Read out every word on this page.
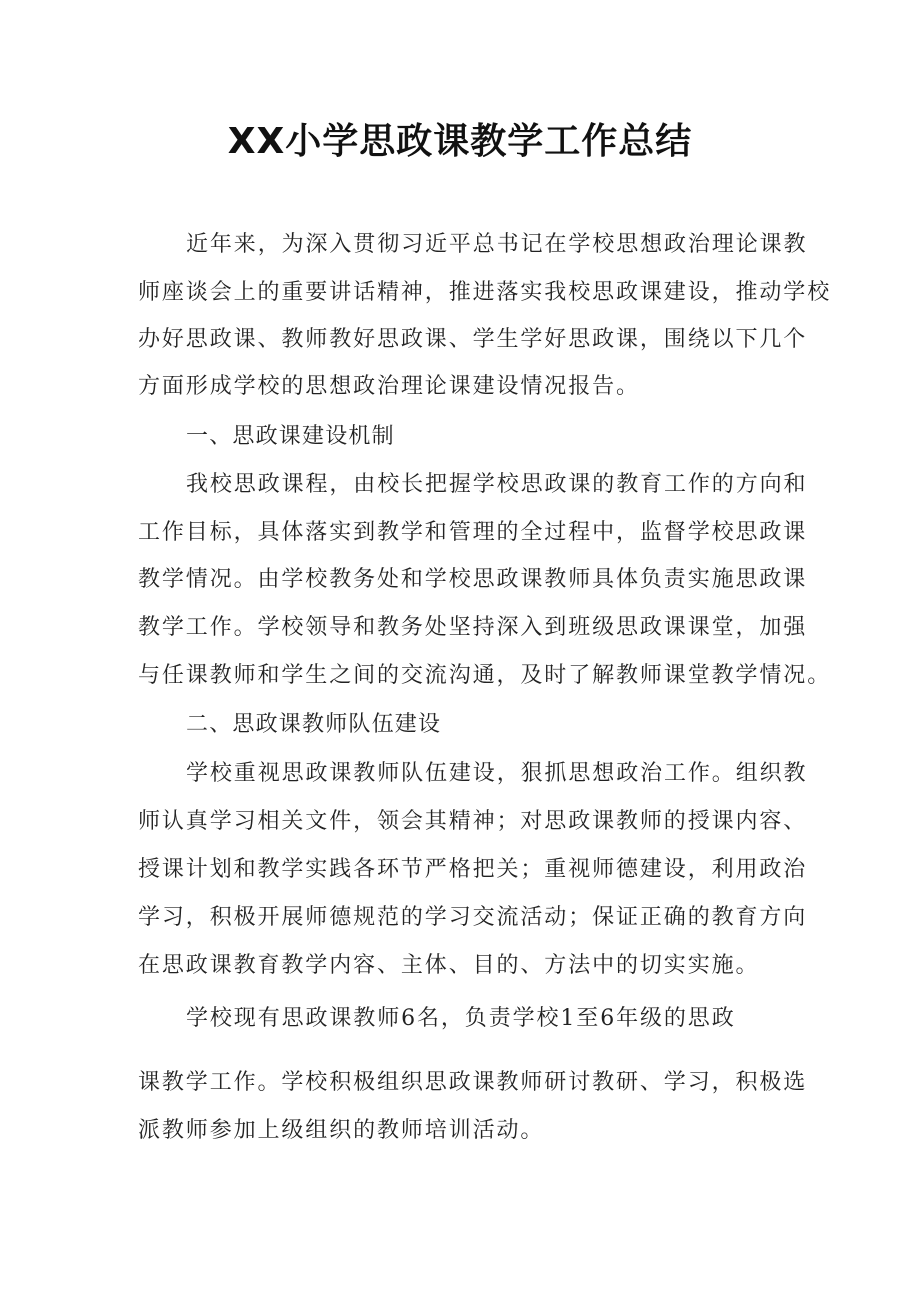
XX小学思政课教学工作总结

近年来，为深入贯彻习近平总书记在学校思想政治理论课教

师座谈会上的重要讲话精神，推进落实我校思政课建设，推动学校

办好思政课、教师教好思政课、学生学好思政课，围绕以下几个

方面形成学校的思想政治理论课建设情况报告。

一、思政课建设机制

我校思政课程，由校长把握学校思政课的教育工作的方向和

工作目标，具体落实到教学和管理的全过程中，监督学校思政课

教学情况。由学校教务处和学校思政课教师具体负责实施思政课

教学工作。学校领导和教务处坚持深入到班级思政课课堂，加强

与任课教师和学生之间的交流沟通，及时了解教师课堂教学情况。

二、思政课教师队伍建设

学校重视思政课教师队伍建设，狠抓思想政治工作。组织教

师认真学习相关文件，领会其精神；对思政课教师的授课内容、

授课计划和教学实践各环节严格把关；重视师德建设，利用政治

学习，积极开展师德规范的学习交流活动；保证正确的教育方向

在思政课教育教学内容、主体、目的、方法中的切实实施。

学校现有思政课教师6名，负责学校1至6年级的思政

课教学工作。学校积极组织思政课教师研讨教研、学习，积极选

派教师参加上级组织的教师培训活动。
